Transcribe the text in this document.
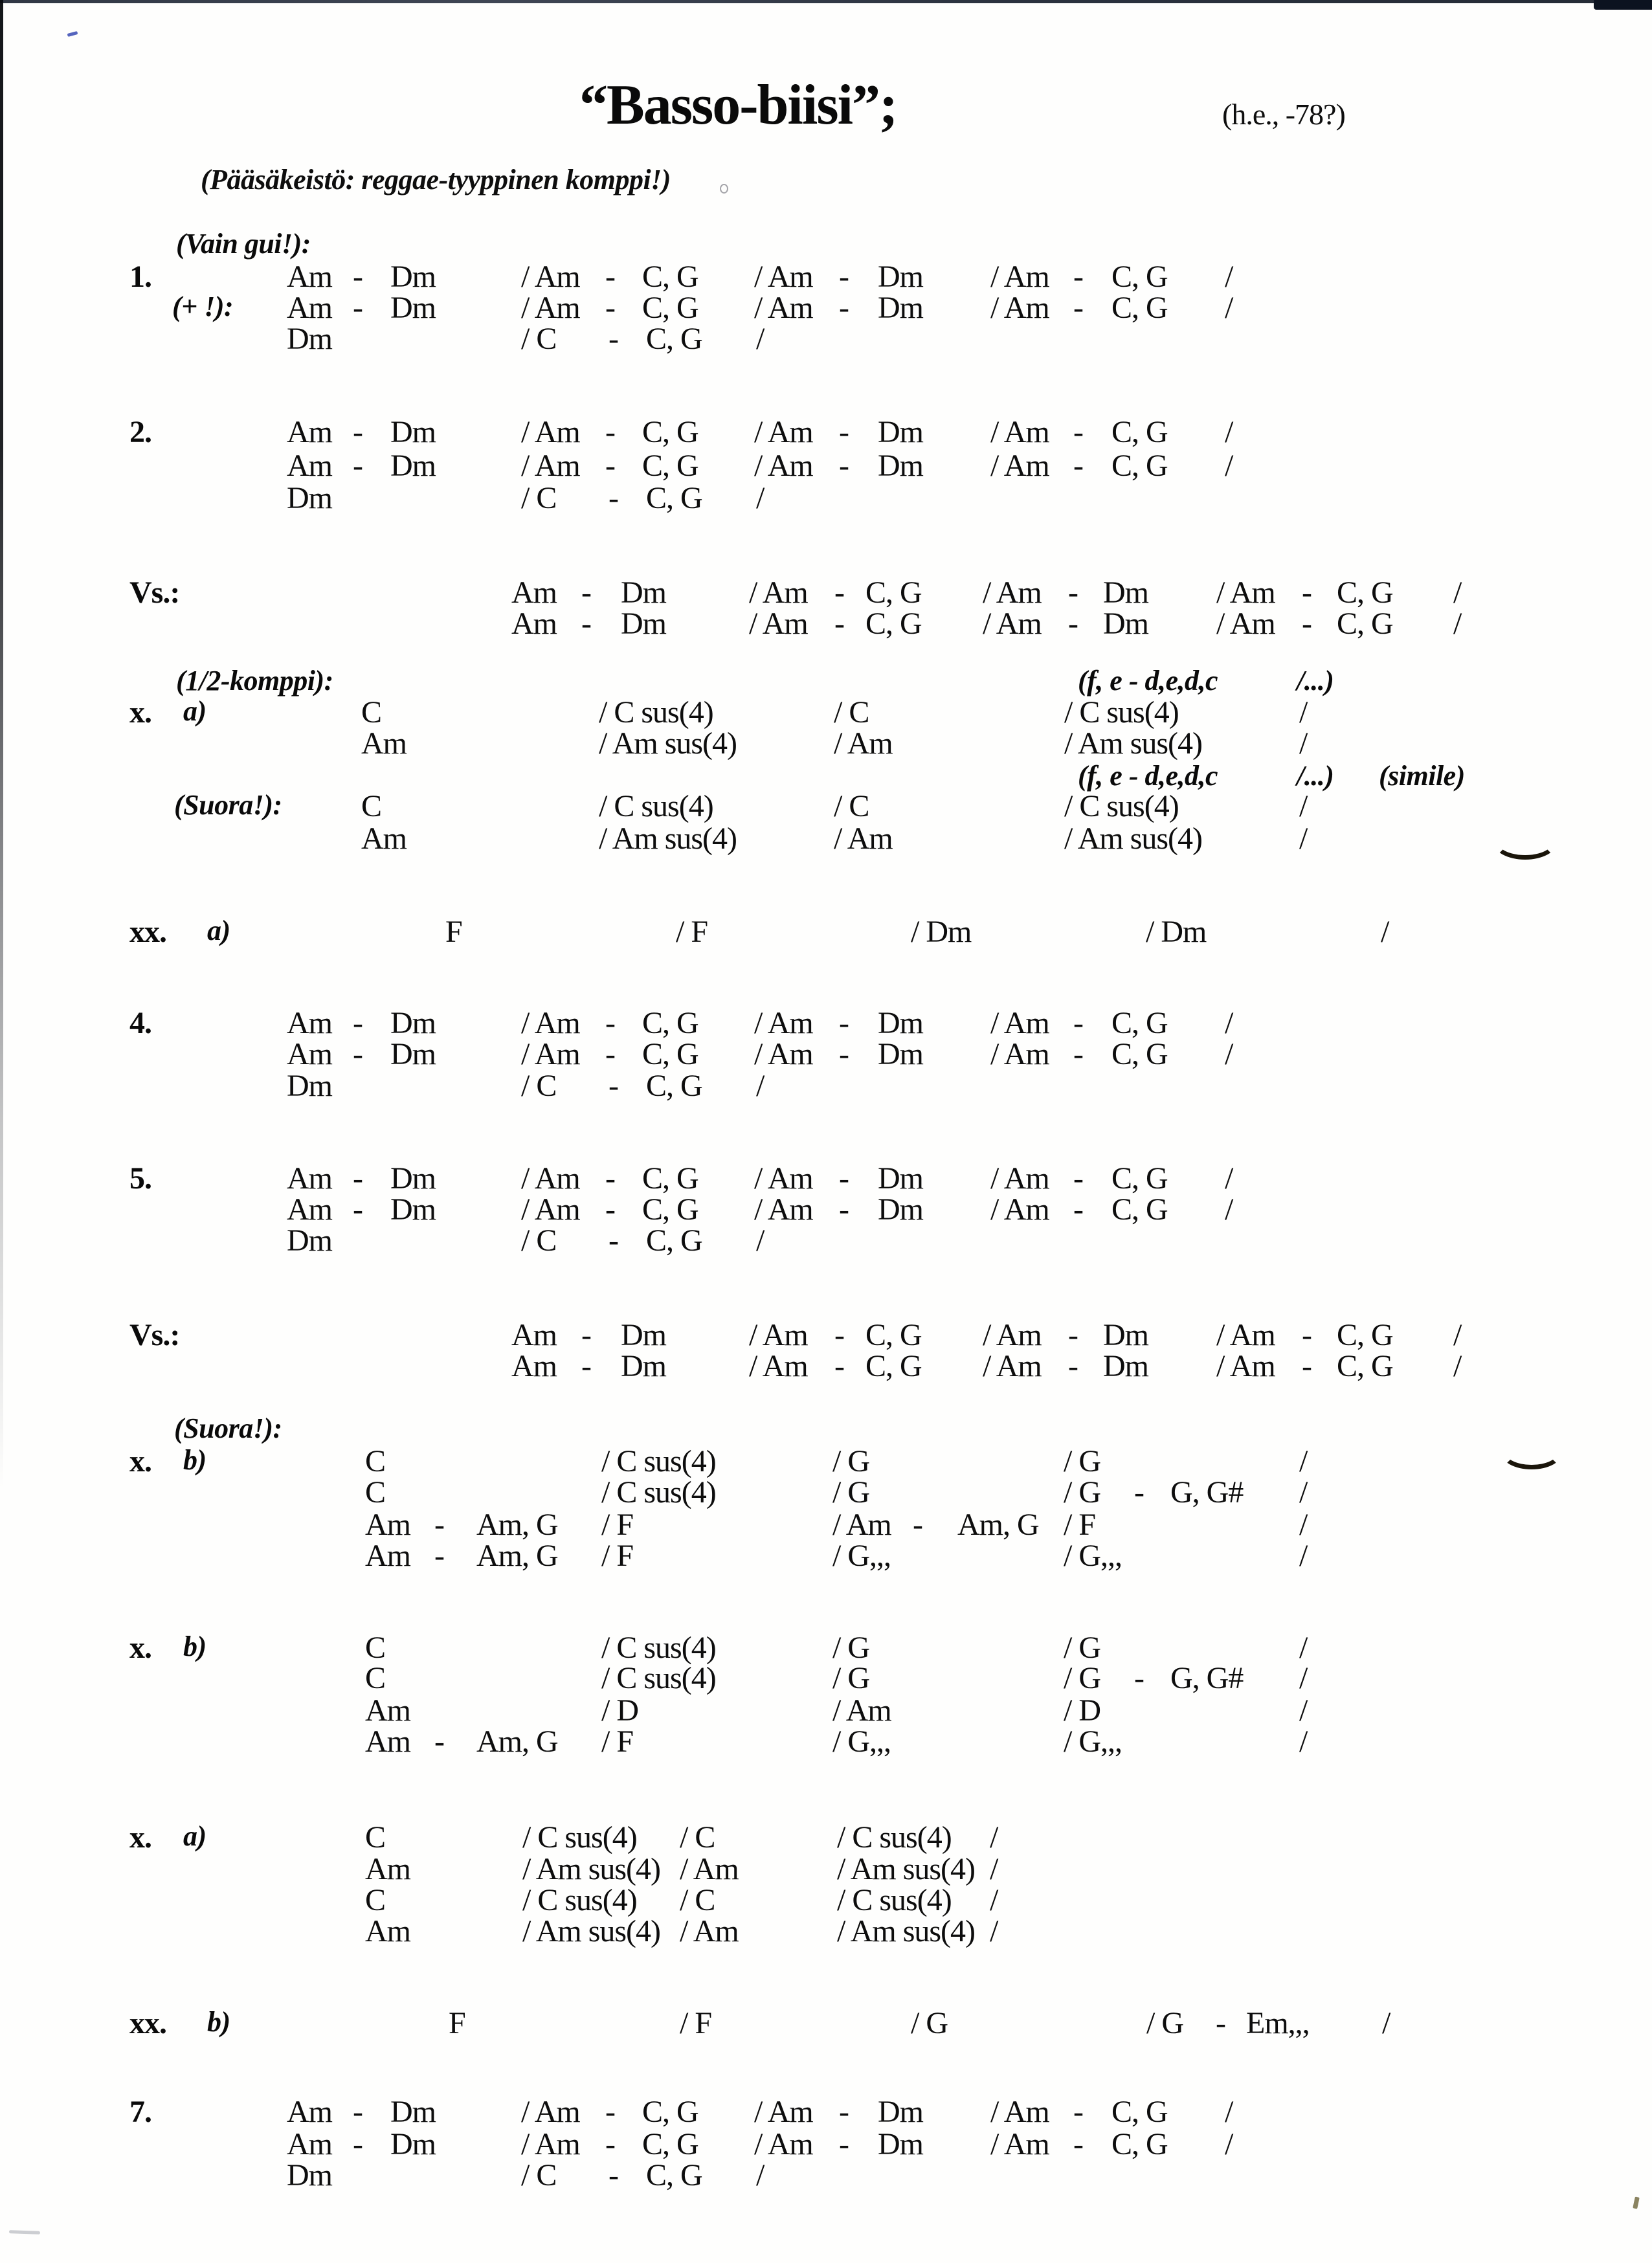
“Basso-biisi”;	(h.e., -78?)
(Pääsäkeistö: reggae-tyyppinen komppi!)
(Vain gui!):
1.	Am - Dm	/ Am - C, G / Am - Dm / Am - C, G /
(+ !): Am - Dm	/ Am - C, G / Am - Dm / Am - C, G /
Dm	/ C - C, G /
2.	Am - Dm	/ Am - C, G / Am - Dm / Am - C, G /
Am - Dm	/ Am - C, G / Am - Dm / Am - C, G /
Dm	/ C - C, G /
Vs.:	Am - Dm	/ Am - C, G / Am - Dm / Am - C, G /
Am - Dm	/ Am - C, G / Am - Dm / Am - C, G /
(1/2-komppi):	(f, e - d,e,d,c	/...)
x. a)	C	/ C sus(4)	/ C	/ C sus(4)	/
Am	/ Am sus(4)	/ Am	/ Am sus(4)	/
(f, e - d,e,d,c	/...) (simile)
(Suora!):	C	/ C sus(4)	/ C	/ C sus(4)	/
Am	/ Am sus(4)	/ Am	/ Am sus(4)	/
xx. a)	F	/ F	/ Dm	/ Dm	/
4.	Am - Dm	/ Am - C, G / Am - Dm / Am - C, G /
Am - Dm	/ Am - C, G / Am - Dm / Am - C, G /
Dm	/ C - C, G /
5.	Am - Dm	/ Am - C, G / Am - Dm / Am - C, G /
Am - Dm	/ Am - C, G / Am - Dm / Am - C, G /
Dm	/ C - C, G /
Vs.:	Am - Dm	/ Am - C, G / Am - Dm / Am - C, G /
Am - Dm	/ Am - C, G / Am - Dm / Am - C, G /
(Suora!):
x. b)	C	/ C sus(4)	/ G	/ G	/
C	/ C sus(4)	/ G	/ G - G, G# /
Am - Am, G / F	/ Am - Am, G / F	/
Am - Am, G / F	/ G,,,	/ G,,,	/
x. b)	C	/ C sus(4)	/ G	/ G	/
C	/ C sus(4)	/ G	/ G - G, G# /
Am	/ D	/ Am	/ D	/
Am - Am, G / F	/ G,,,	/ G,,,	/
x. a)	C	/ C sus(4) / C	/ C sus(4) /
Am	/ Am sus(4) / Am	/ Am sus(4) /
C	/ C sus(4) / C	/ C sus(4) /
Am	/ Am sus(4) / Am	/ Am sus(4) /
xx. b)	F	/ F	/ G	/ G - Em,,, /
7.	Am - Dm	/ Am - C, G / Am - Dm / Am - C, G /
Am - Dm	/ Am - C, G / Am - Dm / Am - C, G /
Dm	/ C - C, G /
